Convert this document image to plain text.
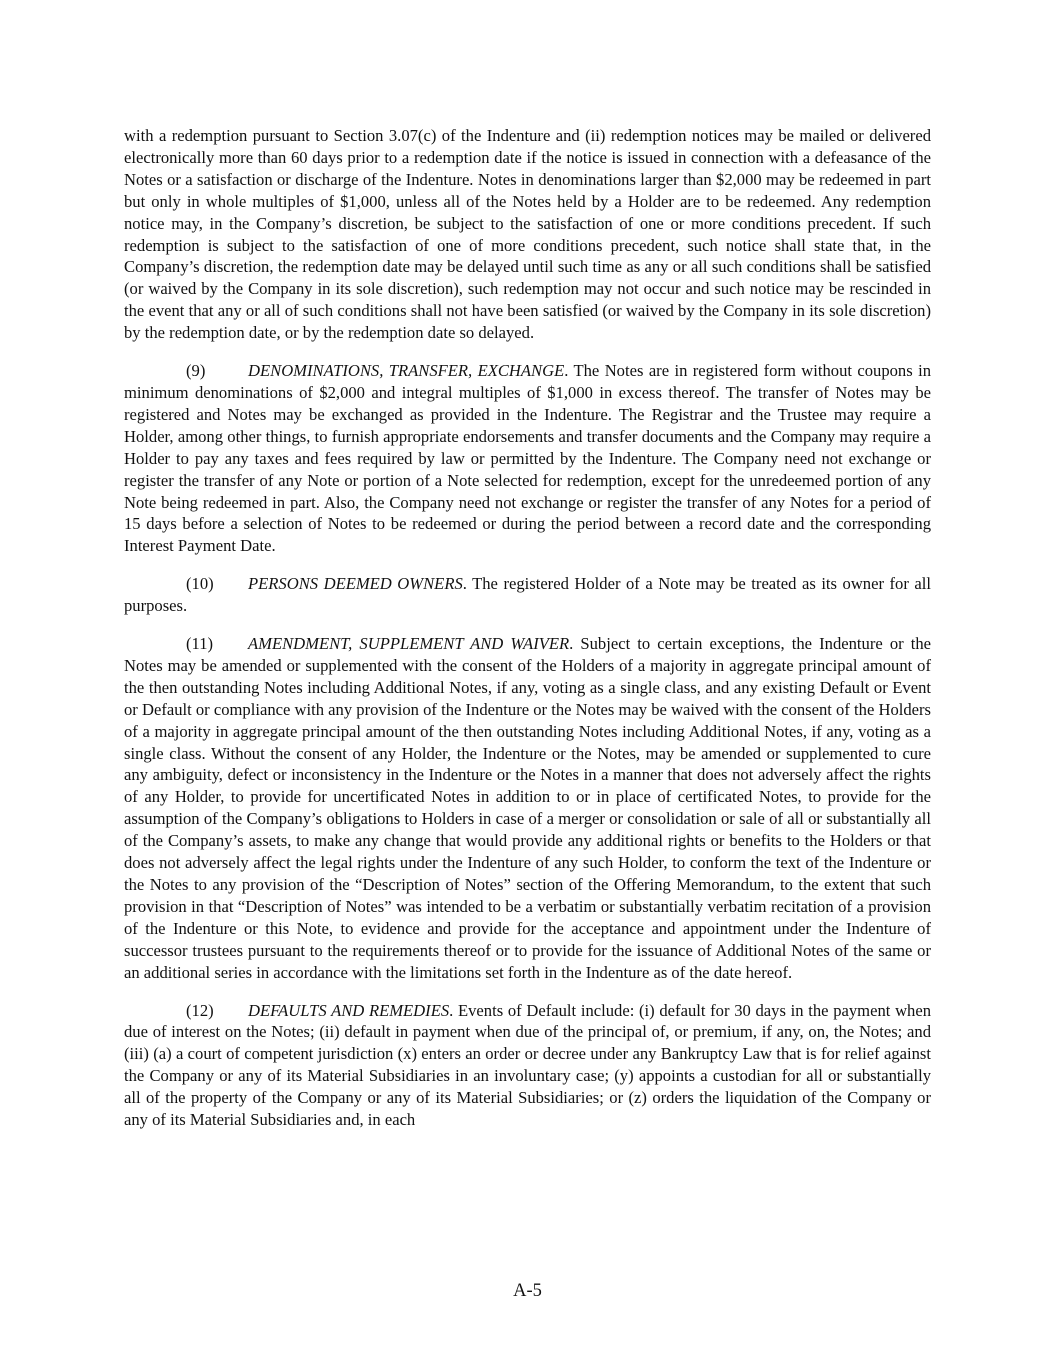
with a redemption pursuant to Section 3.07(c) of the Indenture and (ii) redemption notices may be mailed or delivered electronically more than 60 days prior to a redemption date if the notice is issued in connection with a defeasance of the Notes or a satisfaction or discharge of the Indenture. Notes in denominations larger than $2,000 may be redeemed in part but only in whole multiples of $1,000, unless all of the Notes held by a Holder are to be redeemed. Any redemption notice may, in the Company’s discretion, be subject to the satisfaction of one or more conditions precedent. If such redemption is subject to the satisfaction of one of more conditions precedent, such notice shall state that, in the Company’s discretion, the redemption date may be delayed until such time as any or all such conditions shall be satisfied (or waived by the Company in its sole discretion), such redemption may not occur and such notice may be rescinded in the event that any or all of such conditions shall not have been satisfied (or waived by the Company in its sole discretion) by the redemption date, or by the redemption date so delayed.

(9)	DENOMINATIONS, TRANSFER, EXCHANGE. The Notes are in registered form without coupons in minimum denominations of $2,000 and integral multiples of $1,000 in excess thereof. The transfer of Notes may be registered and Notes may be exchanged as provided in the Indenture. The Registrar and the Trustee may require a Holder, among other things, to furnish appropriate endorsements and transfer documents and the Company may require a Holder to pay any taxes and fees required by law or permitted by the Indenture. The Company need not exchange or register the transfer of any Note or portion of a Note selected for redemption, except for the unredeemed portion of any Note being redeemed in part. Also, the Company need not exchange or register the transfer of any Notes for a period of 15 days before a selection of Notes to be redeemed or during the period between a record date and the corresponding Interest Payment Date.

(10) PERSONS DEEMED OWNERS. The registered Holder of a Note may be treated as its owner for all purposes.

(11) AMENDMENT, SUPPLEMENT AND WAIVER. Subject to certain exceptions, the Indenture or the Notes may be amended or supplemented with the consent of the Holders of a majority in aggregate principal amount of the then outstanding Notes including Additional Notes, if any, voting as a single class, and any existing Default or Event or Default or compliance with any provision of the Indenture or the Notes may be waived with the consent of the Holders of a majority in aggregate principal amount of the then outstanding Notes including Additional Notes, if any, voting as a single class. Without the consent of any Holder, the Indenture or the Notes, may be amended or supplemented to cure any ambiguity, defect or inconsistency in the Indenture or the Notes in a manner that does not adversely affect the rights of any Holder, to provide for uncertificated Notes in addition to or in place of certificated Notes, to provide for the assumption of the Company’s obligations to Holders in case of a merger or consolidation or sale of all or substantially all of the Company’s assets, to make any change that would provide any additional rights or benefits to the Holders or that does not adversely affect the legal rights under the Indenture of any such Holder, to conform the text of the Indenture or the Notes to any provision of the “Description of Notes” section of the Offering Memorandum, to the extent that such provision in that “Description of Notes” was intended to be a verbatim or substantially verbatim recitation of a provision of the Indenture or this Note, to evidence and provide for the acceptance and appointment under the Indenture of successor trustees pursuant to the requirements thereof or to provide for the issuance of Additional Notes of the same or an additional series in accordance with the limitations set forth in the Indenture as of the date hereof.

(12) DEFAULTS AND REMEDIES. Events of Default include: (i) default for 30 days in the payment when due of interest on the Notes; (ii) default in payment when due of the principal of, or premium, if any, on, the Notes; and (iii) (a) a court of competent jurisdiction (x) enters an order or decree under any Bankruptcy Law that is for relief against the Company or any of its Material Subsidiaries in an involuntary case; (y) appoints a custodian for all or substantially all of the property of the Company or any of its Material Subsidiaries; or (z) orders the liquidation of the Company or any of its Material Subsidiaries and, in each

A-5
